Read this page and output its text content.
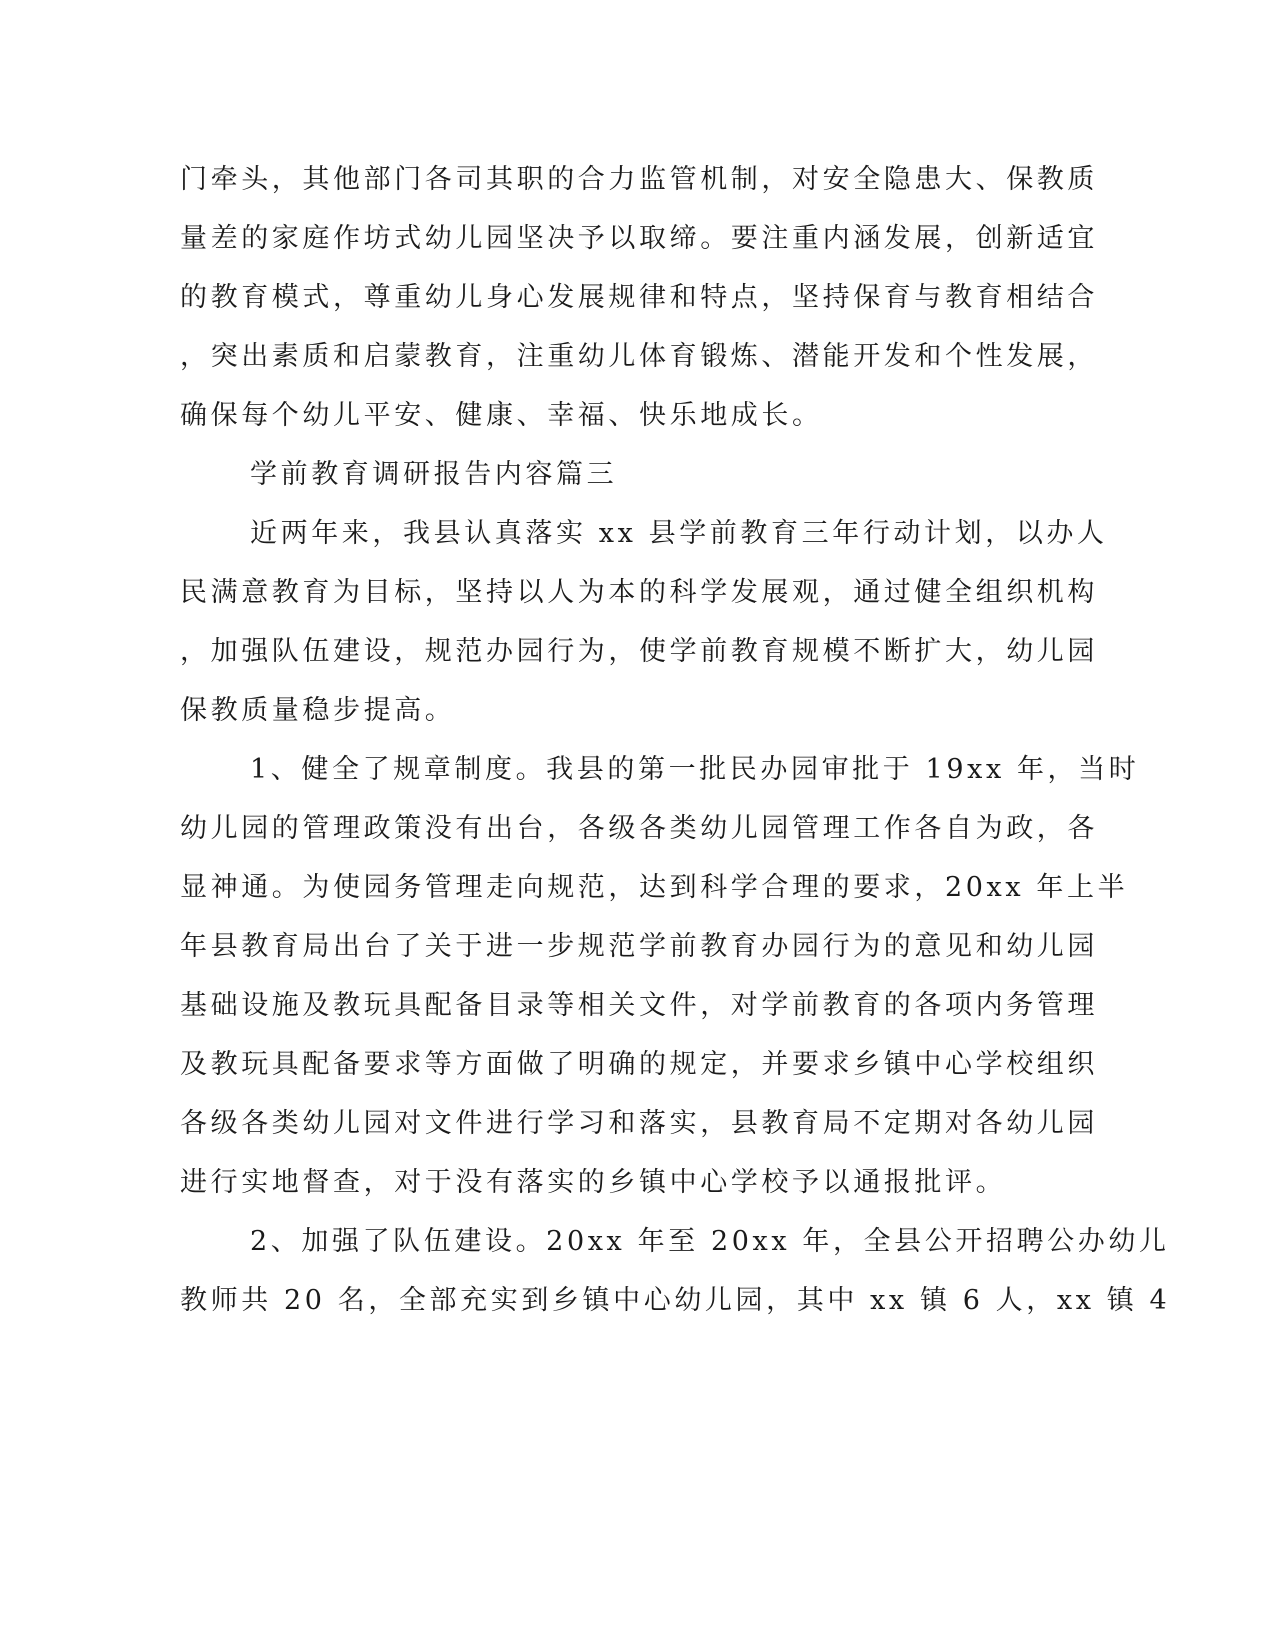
门牵头，其他部门各司其职的合力监管机制，对安全隐患大、保教质
量差的家庭作坊式幼儿园坚决予以取缔。要注重内涵发展，创新适宜
的教育模式，尊重幼儿身心发展规律和特点，坚持保育与教育相结合
，突出素质和启蒙教育，注重幼儿体育锻炼、潜能开发和个性发展，
确保每个幼儿平安、健康、幸福、快乐地成长。
学前教育调研报告内容篇三
近两年来，我县认真落实 xx 县学前教育三年行动计划，以办人
民满意教育为目标，坚持以人为本的科学发展观，通过健全组织机构
，加强队伍建设，规范办园行为，使学前教育规模不断扩大，幼儿园
保教质量稳步提高。
1、健全了规章制度。我县的第一批民办园审批于 19xx 年，当时
幼儿园的管理政策没有出台，各级各类幼儿园管理工作各自为政，各
显神通。为使园务管理走向规范，达到科学合理的要求，20xx 年上半
年县教育局出台了关于进一步规范学前教育办园行为的意见和幼儿园
基础设施及教玩具配备目录等相关文件，对学前教育的各项内务管理
及教玩具配备要求等方面做了明确的规定，并要求乡镇中心学校组织
各级各类幼儿园对文件进行学习和落实，县教育局不定期对各幼儿园
进行实地督查，对于没有落实的乡镇中心学校予以通报批评。
2、加强了队伍建设。20xx 年至 20xx 年，全县公开招聘公办幼儿
教师共 20 名，全部充实到乡镇中心幼儿园，其中 xx 镇 6 人，xx 镇 4
